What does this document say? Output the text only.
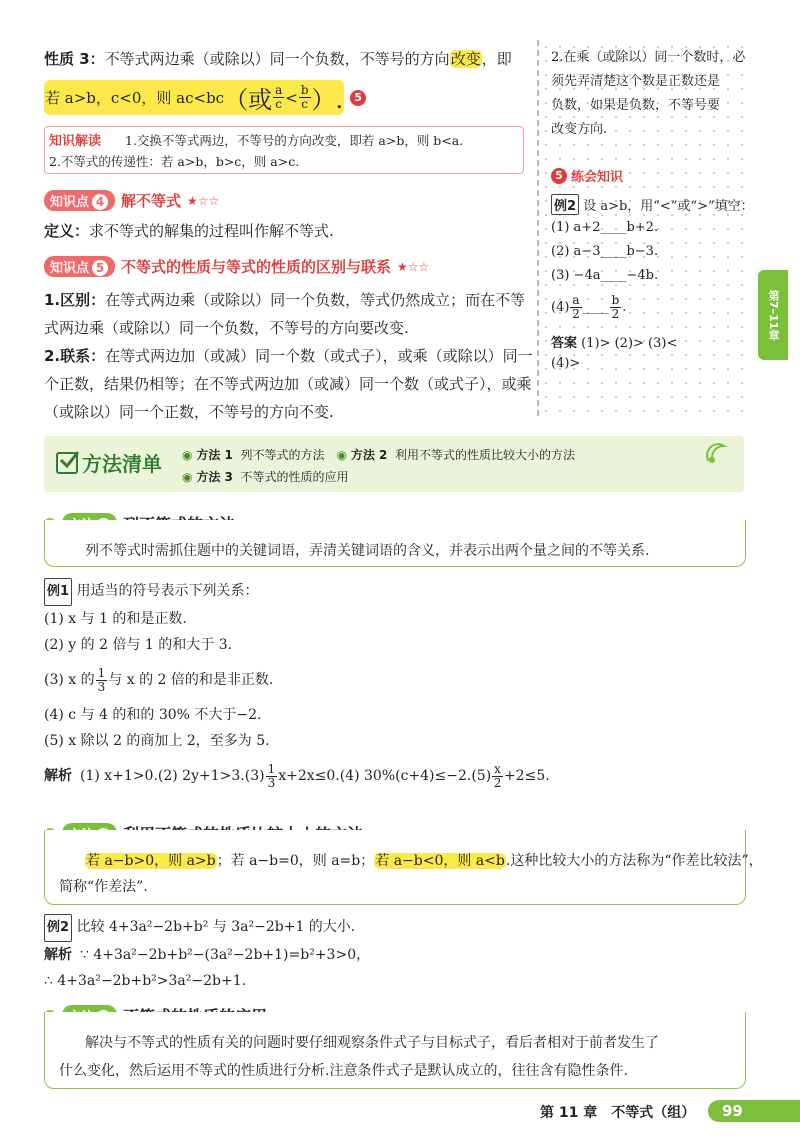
性质 3：不等式两边乘（或除以）同一个负数，不等号的方向改变，即
若 a>b，c<0，则 ac<bc （或 $\frac{a}{c} < \frac{b}{c}$ ）.	5
知识解读 1.交换不等式两边，不等号的方向改变，即若 a>b，则 b<a.
2.不等式的传递性：若 a>b，b>c，则 a>c.
知识点 4	解不等式 ★☆☆
定义：求不等式的解集的过程叫作解不等式.
知识点 5	不等式的性质与等式的性质的区别与联系 ★☆☆
1.区别：在等式两边乘（或除以）同一个负数，等式仍然成立；而在不等
式两边乘（或除以）同一个负数，不等号的方向要改变.
2.联系：在等式两边加（或减）同一个数（或式子），或乘（或除以）同一
个正数，结果仍相等；在不等式两边加（或减）同一个数（或式子），或乘
（或除以）同一个正数，不等号的方向不变.
2.在乘（或除以）同一个数时，必
须先弄清楚这个数是正数还是
负数，如果是负数，不等号要
改变方向.
5 练会知识
例2 设 a>b，用“<”或“>”填空：
(1) a+2____b+2.
(2) a−3____b−3.
(3) −4a____−4b.
$(4) \frac{a}{2}$ ____ $\frac{b}{2}$ .
答案 (1)> (2)> (3)<
(4)>
第7–11章
方法清单 ◉ 方法 1 列不等式的方法 ◉ 方法 2 利用不等式的性质比较大小的方法
◉ 方法 3 不等式的性质的应用
列不等式时需抓住题中的关键词语，弄清关键词语的含义，并表示出两个量之间的不等关系.
例1 用适当的符号表示下列关系：
(1) x 与 1 的和是正数.
(2) y 的 2 倍与 1 的和大于 3.
(3) x 的 $\frac{1}{3}$ 与 x 的 2 倍的和是非正数.
(4) c 与 4 的和的 30% 不大于−2.
(5) x 除以 2 的商加上 2，至多为 5.
解析 (1) x+1>0.(2) $2y+1>3.(3) \frac{1}{3} x+2x\le 0.(4)$ $30\%(c+4)\le-2.(5) \frac{x}{2} +2\le 5$.
若 a−b>0，则 a>b；若 a−b=0，则 a=b；若 a−b<0，则 a<b.这种比较大小的方法称为“作差比较法”，
简称“作差法”.
例2 比较 4+3a²−2b+b² 与 3a²−2b+1 的大小.
解析 ∵ 4+3a²−2b+b²−(3a²−2b+1)=b²+3>0，
∴ 4+3a²−2b+b²>3a²−2b+1.
解决与不等式的性质有关的问题时要仔细观察条件式子与目标式子，看后者相对于前者发生了
什么变化，然后运用不等式的性质进行分析.注意条件式子是默认成立的，往往含有隐性条件.
第 11 章　不等式（组）	99
